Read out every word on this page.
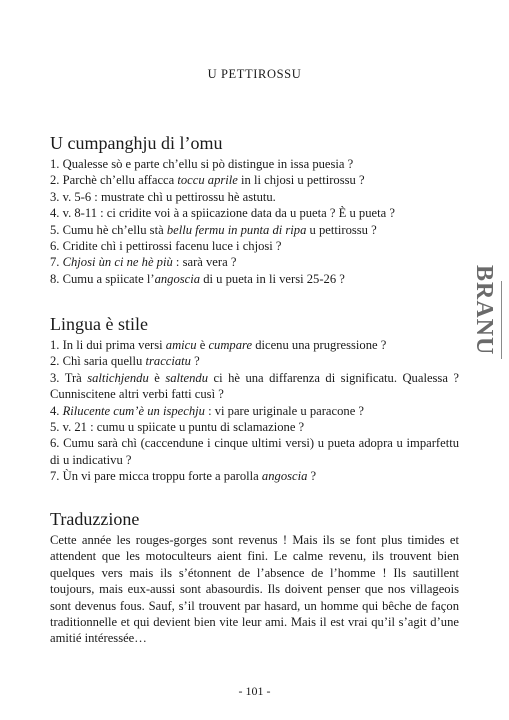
U PETTIROSSU
U cumpanghju di l’omu
1. Qualesse sò e parte ch’ellu si pò distingue in issa puesia ?
2. Parchè ch’ellu affacca toccu aprile in li chjosi u pettirossu ?
3. v. 5-6 : mustrate chì u pettirossu hè astutu.
4. v. 8-11 : ci cridite voi à a spiicazione data da u pueta ? È u pueta ?
5. Cumu hè ch’ellu stà bellu fermu in punta di ripa u pettirossu ?
6. Cridite chì i pettirossi facenu luce i chjosi ?
7. Chjosi ùn ci ne hè più : sarà vera ?
8. Cumu a spiicate l’angoscia di u pueta in li versi 25-26 ?
Lingua è stile
1. In li dui prima versi amicu è cumpare dicenu una prugressione ?
2. Chì saria quellu tracciatu ?
3. Trà saltichjendu è saltendu ci hè una diffarenza di significatu. Qualessa ? Cunniscitene altri verbi fatti cusì ?
4. Rilucente cum’è un ispechju : vi pare uriginale u paracone ?
5. v. 21 : cumu u spiicate u puntu di sclamazione ?
6. Cumu sarà chì (caccendune i cinque ultimi versi) u pueta adopra u imparfettu di u indicativu ?
7. Ùn vi pare micca troppu forte a parolla angoscia ?
Traduzzione

Cette année les rouges-gorges sont revenus ! Mais ils se font plus timides et attendent que les motoculteurs aient fini. Le calme revenu, ils trouvent bien quelques vers mais ils s’étonnent de l’absence de l’homme ! Ils sautillent toujours, mais eux-aussi sont abasourdis. Ils doivent penser que nos villageois sont devenus fous. Sauf, s’il trouvent par hasard, un homme qui bêche de façon traditionnelle et qui devient bien vite leur ami. Mais il est vrai qu’il s’agit d’une amitié intéressée…

BRANU
- 101 -
